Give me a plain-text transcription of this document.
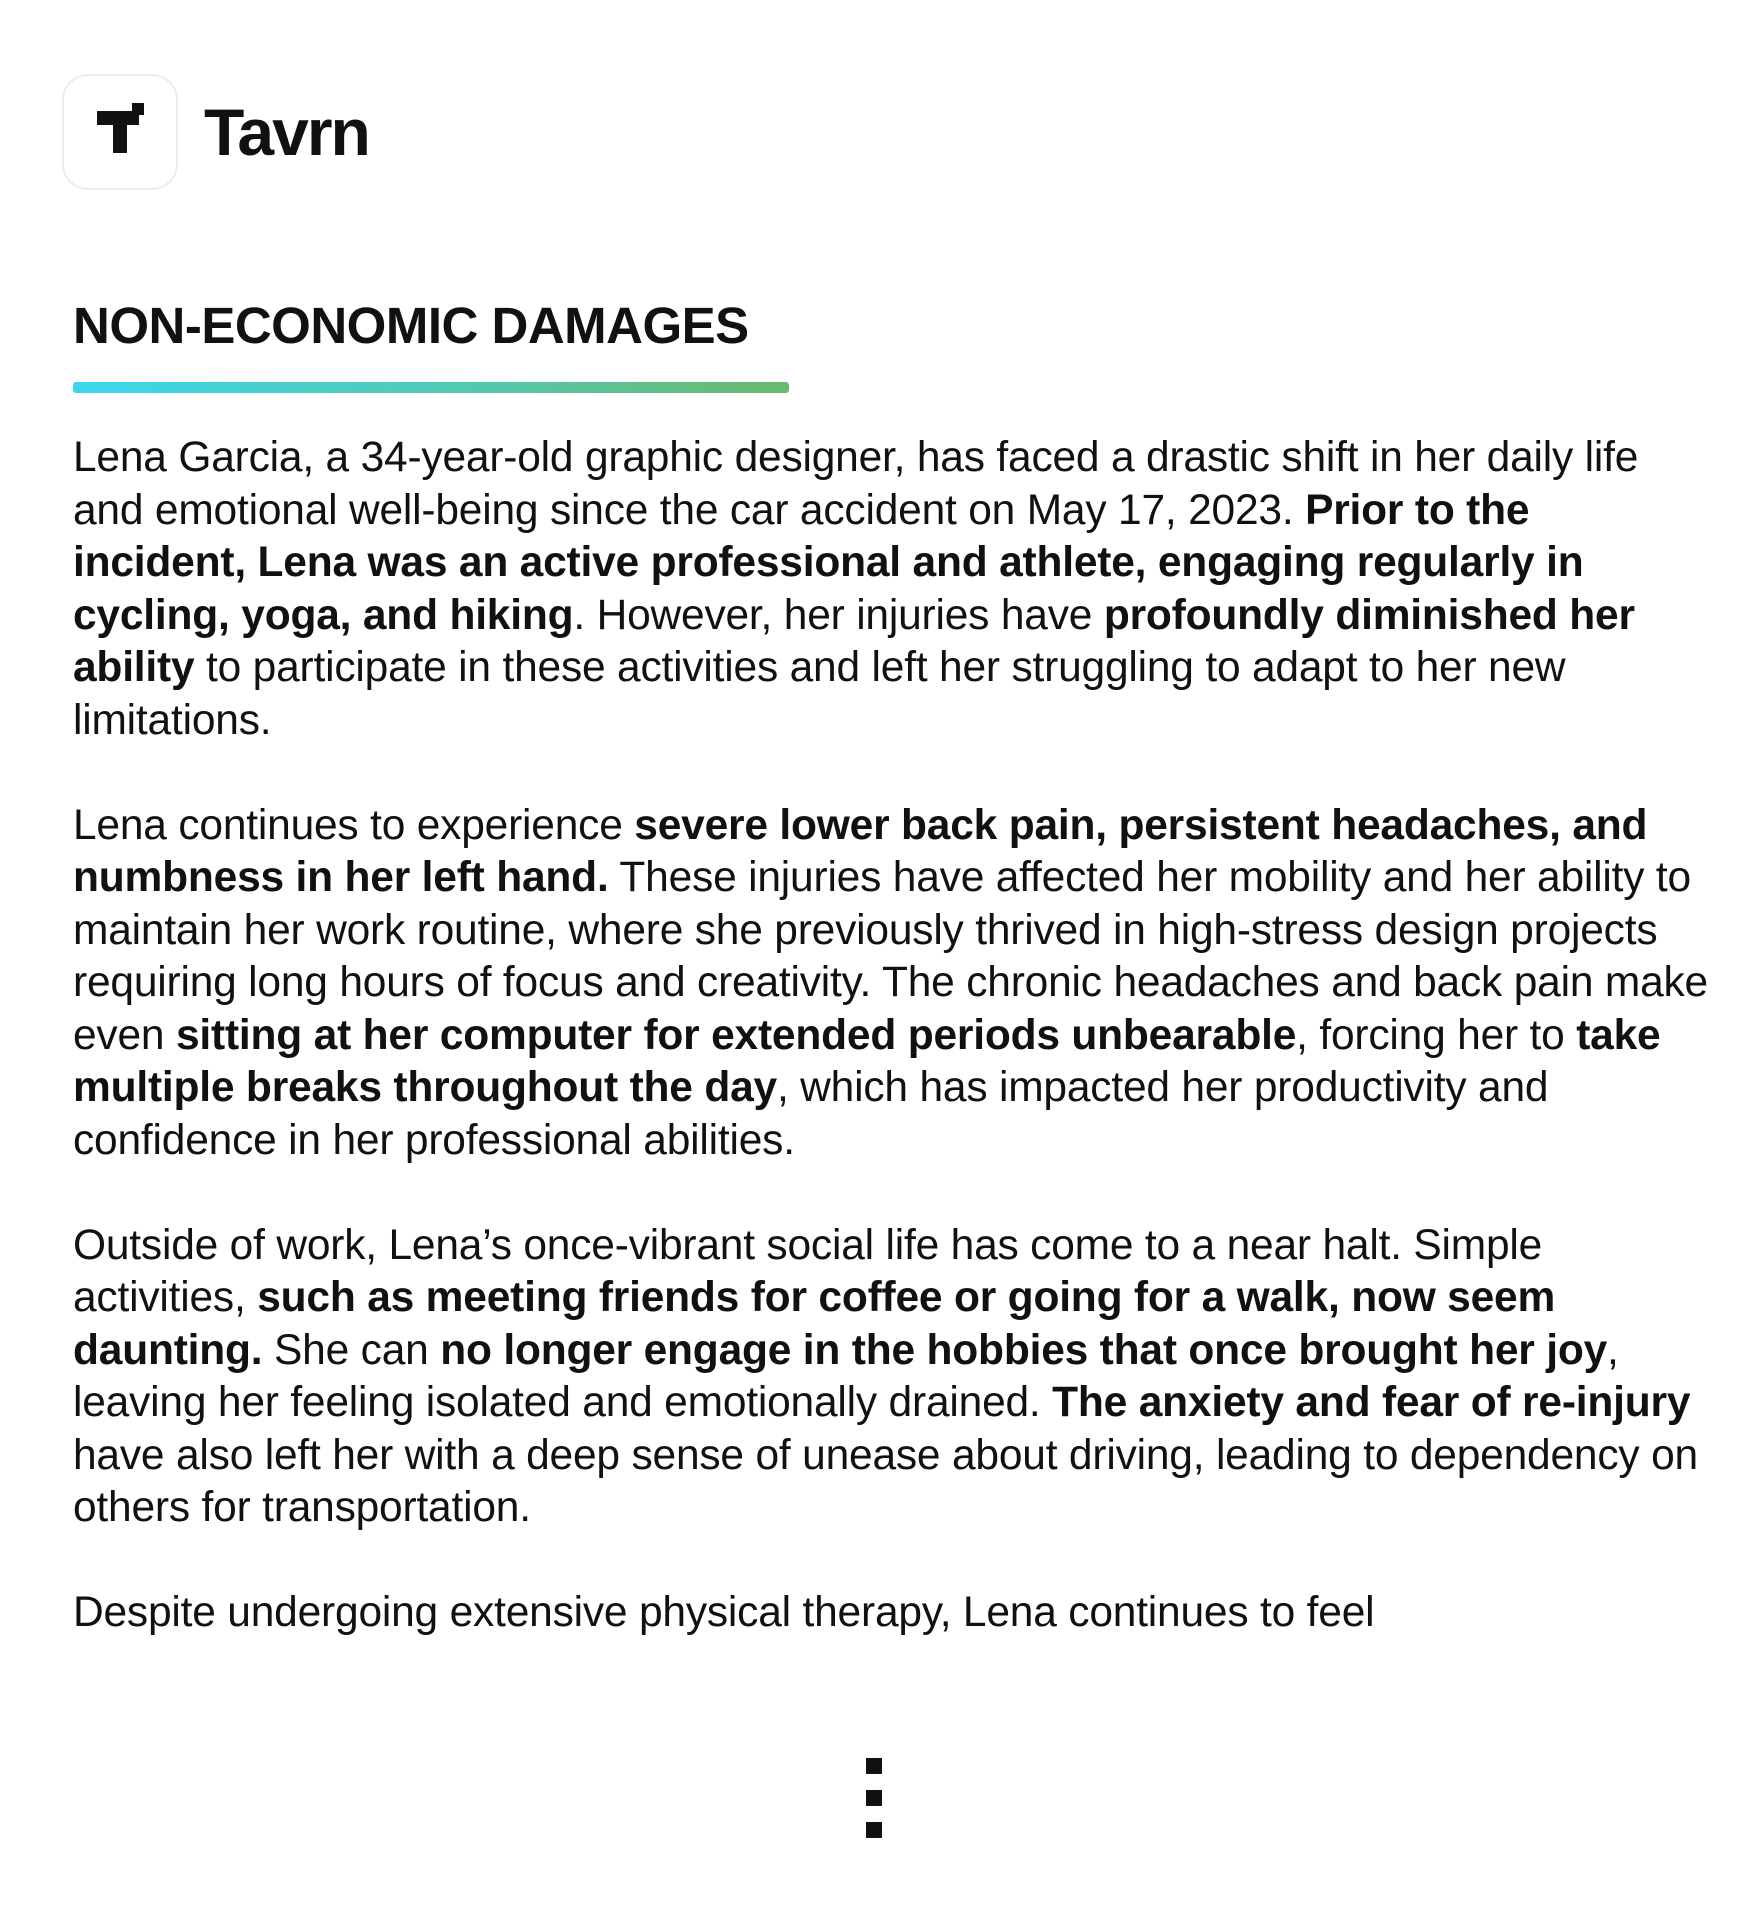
Tavrn
NON-ECONOMIC DAMAGES

Lena Garcia, a 34-year-old graphic designer, has faced a drastic shift in her daily life and emotional well-being since the car accident on May 17, 2023. Prior to the incident, Lena was an active professional and athlete, engaging regularly in cycling, yoga, and hiking. However, her injuries have profoundly diminished her ability to participate in these activities and left her struggling to adapt to her new limitations.

Lena continues to experience severe lower back pain, persistent headaches, and numbness in her left hand. These injuries have affected her mobility and her ability to maintain her work routine, where she previously thrived in high-stress design projects requiring long hours of focus and creativity. The chronic headaches and back pain make even sitting at her computer for extended periods unbearable, forcing her to take multiple breaks throughout the day, which has impacted her productivity and confidence in her professional abilities.

Outside of work, Lena’s once-vibrant social life has come to a near halt. Simple activities, such as meeting friends for coffee or going for a walk, now seem daunting. She can no longer engage in the hobbies that once brought her joy, leaving her feeling isolated and emotionally drained. The anxiety and fear of re-injury have also left her with a deep sense of unease about driving, leading to dependency on others for transportation.

Despite undergoing extensive physical therapy, Lena continues to feel
